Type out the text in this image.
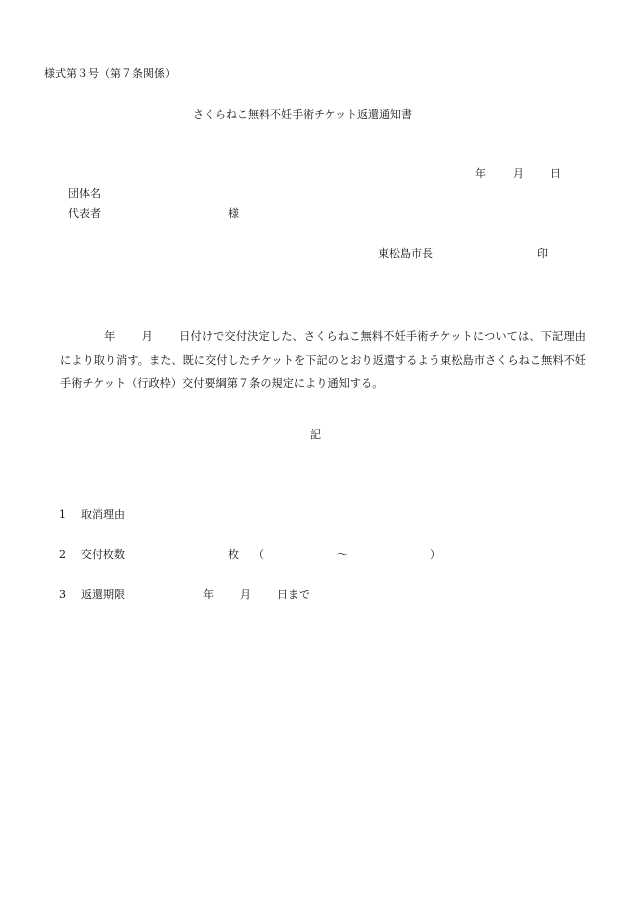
様式第３号（第７条関係）
さくらねこ無料不妊手術チケット返還通知書
年 月 日
団体名
代表者	様
東松島市長	印
年 月 日付けで交付決定した、さくらねこ無料不妊手術チケットについては、下記理由により取り消す。また、既に交付したチケットを下記のとおり返還するよう東松島市さくらねこ無料不妊手術チケット（行政枠）交付要綱第７条の規定により通知する。
記
1 取消理由
2 交付枚数	枚 （	～	）
3 返還期限	年 月 日まで
